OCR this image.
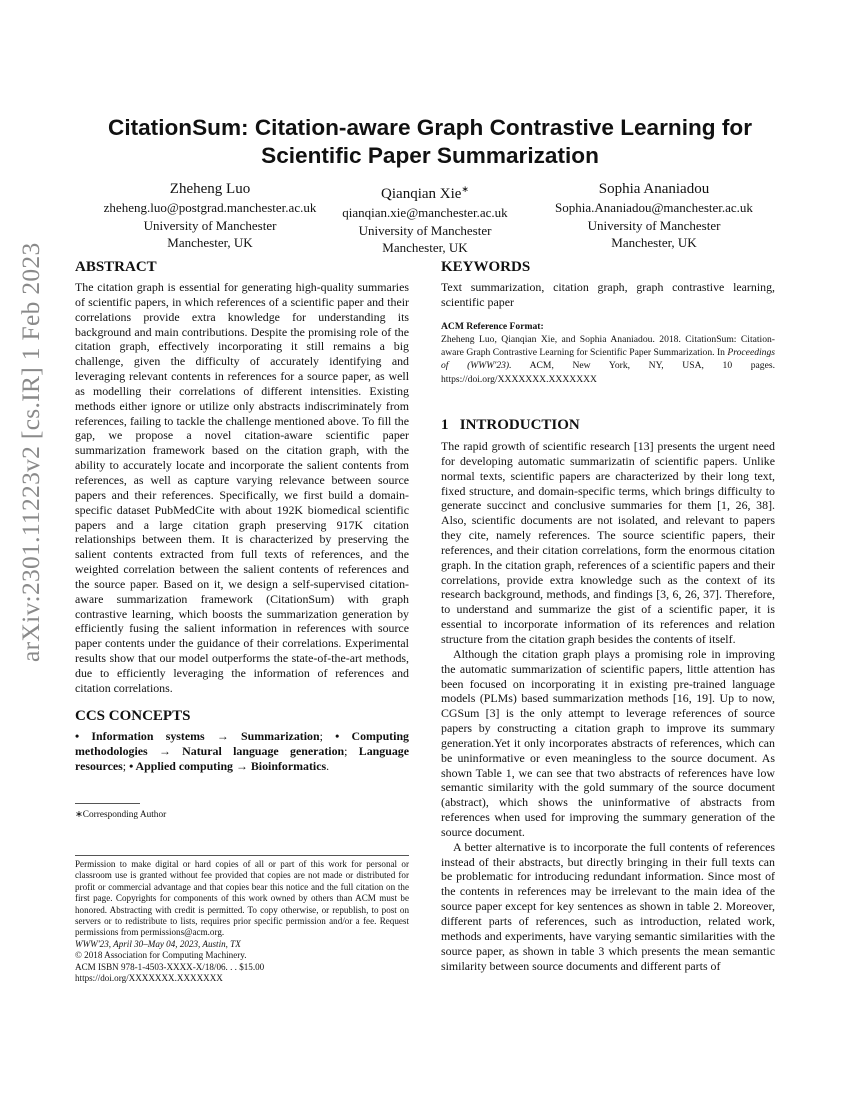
arXiv:2301.11223v2 [cs.IR] 1 Feb 2023
CitationSum: Citation-aware Graph Contrastive Learning for
Scientific Paper Summarization
Zheheng Luo
zheheng.luo@postgrad.manchester.ac.uk
University of Manchester
Manchester, UK
Qianqian Xie∗
qianqian.xie@manchester.ac.uk
University of Manchester
Manchester, UK
Sophia Ananiadou
Sophia.Ananiadou@manchester.ac.uk
University of Manchester
Manchester, UK
ABSTRACT

The citation graph is essential for generating high-quality summaries of scientific papers, in which references of a scientific paper and their correlations provide extra knowledge for understanding its background and main contributions. Despite the promising role of the citation graph, effectively incorporating it still remains a big challenge, given the difficulty of accurately identifying and leveraging relevant contents in references for a source paper, as well as modelling their correlations of different intensities. Existing methods either ignore or utilize only abstracts indiscriminately from references, failing to tackle the challenge mentioned above. To fill the gap, we propose a novel citation-aware scientific paper summarization framework based on the citation graph, with the ability to accurately locate and incorporate the salient contents from references, as well as capture varying relevance between source papers and their references. Specifically, we first build a domain-specific dataset PubMedCite with about 192K biomedical scientific papers and a large citation graph preserving 917K citation relationships between them. It is characterized by preserving the salient contents extracted from full texts of references, and the weighted correlation between the salient contents of references and the source paper. Based on it, we design a self-supervised citation-aware summarization framework (CitationSum) with graph contrastive learning, which boosts the summarization generation by efficiently fusing the salient information in references with source paper contents under the guidance of their correlations. Experimental results show that our model outperforms the state-of-the-art methods, due to efficiently leveraging the information of references and citation correlations.

CCS CONCEPTS

• Information systems → Summarization; • Computing methodologies → Natural language generation; Language resources; • Applied computing → Bioinformatics.

∗Corresponding Author
Permission to make digital or hard copies of all or part of this work for personal or classroom use is granted without fee provided that copies are not made or distributed for profit or commercial advantage and that copies bear this notice and the full citation on the first page. Copyrights for components of this work owned by others than ACM must be honored. Abstracting with credit is permitted. To copy otherwise, or republish, to post on servers or to redistribute to lists, requires prior specific permission and/or a fee. Request permissions from permissions@acm.org.
WWW'23, April 30–May 04, 2023, Austin, TX
© 2018 Association for Computing Machinery.
ACM ISBN 978-1-4503-XXXX-X/18/06. . . $15.00
https://doi.org/XXXXXXX.XXXXXXX
KEYWORDS

Text summarization, citation graph, graph contrastive learning, scientific paper

ACM Reference Format:
Zheheng Luo, Qianqian Xie, and Sophia Ananiadou. 2018. CitationSum: Citation-aware Graph Contrastive Learning for Scientific Paper Summarization. In Proceedings of (WWW'23). ACM, New York, NY, USA, 10 pages. https://doi.org/XXXXXXX.XXXXXXX
1   INTRODUCTION

The rapid growth of scientific research [13] presents the urgent need for developing automatic summarizatin of scientific papers. Unlike normal texts, scientific papers are characterized by their long text, fixed structure, and domain-specific terms, which brings difficulty to generate succinct and conclusive summaries for them [1, 26, 38]. Also, scientific documents are not isolated, and relevant to papers they cite, namely references. The source scientific papers, their references, and their citation correlations, form the enormous citation graph. In the citation graph, references of a scientific papers and their correlations, provide extra knowledge such as the context of its research background, methods, and findings [3, 6, 26, 37]. Therefore, to understand and summarize the gist of a scientific paper, it is essential to incorporate information of its references and relation structure from the citation graph besides the contents of itself.

Although the citation graph plays a promising role in improving the automatic summarization of scientific papers, little attention has been focused on incorporating it in existing pre-trained language models (PLMs) based summarization methods [16, 19]. Up to now, CGSum [3] is the only attempt to leverage references of source papers by constructing a citation graph to improve its summary generation.Yet it only incorporates abstracts of references, which can be uninformative or even meaningless to the source document. As shown Table 1, we can see that two abstracts of references have low semantic similarity with the gold summary of the source document (abstract), which shows the uninformative of abstracts from references when used for improving the summary generation of the source document.

A better alternative is to incorporate the full contents of references instead of their abstracts, but directly bringing in their full texts can be problematic for introducing redundant information. Since most of the contents in references may be irrelevant to the main idea of the source paper except for key sentences as shown in table 2. Moreover, different parts of references, such as introduction, related work, methods and experiments, have varying semantic similarities with the source paper, as shown in table 3 which presents the mean semantic similarity between source documents and different parts of
